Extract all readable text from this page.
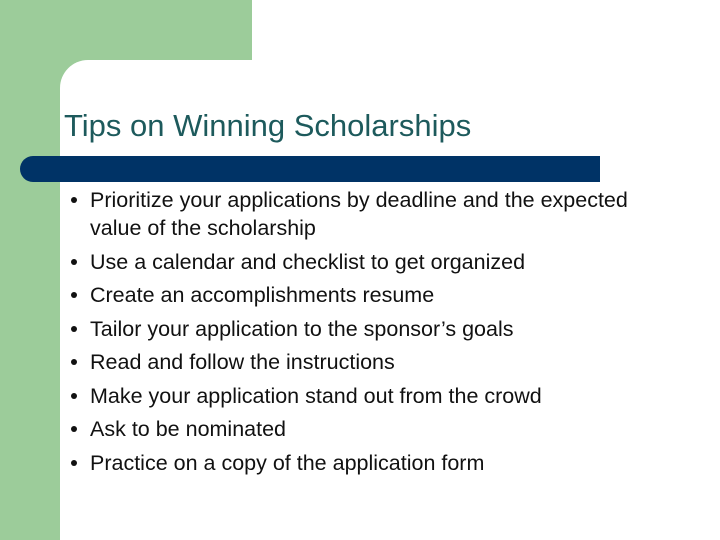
Tips on Winning Scholarships
Prioritize your applications by deadline and the expected value of the scholarship
Use a calendar and checklist to get organized
Create an accomplishments resume
Tailor your application to the sponsor’s goals
Read and follow the instructions
Make your application stand out from the crowd
Ask to be nominated
Practice on a copy of the application form
